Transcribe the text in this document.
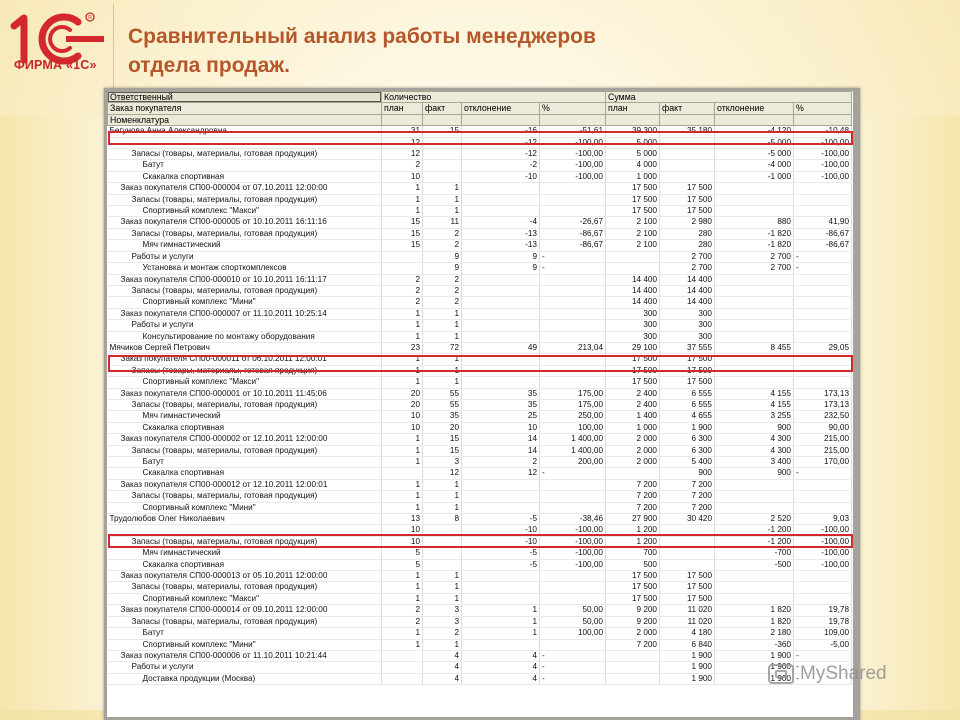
R
ФИРМА «1С»
Сравнительный анализ работы менеджеров
отдела продаж.
Ответственный	Количество				Сумма			
Заказ покупателя	план	факт	отклонение	%	план	факт	отклонение	%
Номенклатура								
Бегунова Анна Александровна	31	15	-16	-51,61	39 300	35 180	-4 120	-10,48
	12		-12	-100,00	5 000		-5 000	-100,00
Запасы (товары, материалы, готовая продукция)	12		-12	-100,00	5 000		-5 000	-100,00
Батут	2		-2	-100,00	4 000		-4 000	-100,00
Скакалка спортивная	10		-10	-100,00	1 000		-1 000	-100,00
Заказ покупателя СП00-000004 от 07.10.2011 12:00:00	1	1			17 500	17 500		
Запасы (товары, материалы, готовая продукция)	1	1			17 500	17 500		
Спортивный комплекс "Макси"	1	1			17 500	17 500		
Заказ покупателя СП00-000005 от 10.10.2011 16:11:16	15	11	-4	-26,67	2 100	2 980	880	41,90
Запасы (товары, материалы, готовая продукция)	15	2	-13	-86,67	2 100	280	-1 820	-86,67
Мяч гимнастический	15	2	-13	-86,67	2 100	280	-1 820	-86,67
Работы и услуги		9	9	-		2 700	2 700	-
Установка и монтаж спорткомплексов		9	9	-		2 700	2 700	-
Заказ покупателя СП00-000010 от 10.10.2011 16:11:17	2	2			14 400	14 400		
Запасы (товары, материалы, готовая продукция)	2	2			14 400	14 400		
Спортивный комплекс "Мини"	2	2			14 400	14 400		
Заказ покупателя СП00-000007 от 11.10.2011 10:25:14	1	1			300	300		
Работы и услуги	1	1			300	300		
Консультирование по монтажу оборудования	1	1			300	300		
Мячиков Сергей Петрович	23	72	49	213,04	29 100	37 555	8 455	29,05
Заказ покупателя СП00-000011 от 06.10.2011 12:00:01	1	1			17 500	17 500		
Запасы (товары, материалы, готовая продукция)	1	1			17 500	17 500		
Спортивный комплекс "Макси"	1	1			17 500	17 500		
Заказ покупателя СП00-000001 от 10.10.2011 11:45:06	20	55	35	175,00	2 400	6 555	4 155	173,13
Запасы (товары, материалы, готовая продукция)	20	55	35	175,00	2 400	6 555	4 155	173,13
Мяч гимнастический	10	35	25	250,00	1 400	4 655	3 255	232,50
Скакалка спортивная	10	20	10	100,00	1 000	1 900	900	90,00
Заказ покупателя СП00-000002 от 12.10.2011 12:00:00	1	15	14	1 400,00	2 000	6 300	4 300	215,00
Запасы (товары, материалы, готовая продукция)	1	15	14	1 400,00	2 000	6 300	4 300	215,00
Батут	1	3	2	200,00	2 000	5 400	3 400	170,00
Скакалка спортивная		12	12	-		900	900	-
Заказ покупателя СП00-000012 от 12.10.2011 12:00:01	1	1			7 200	7 200		
Запасы (товары, материалы, готовая продукция)	1	1			7 200	7 200		
Спортивный комплекс "Мини"	1	1			7 200	7 200		
Трудолюбов Олег Николаевич	13	8	-5	-38,46	27 900	30 420	2 520	9,03
	10		-10	-100,00	1 200		-1 200	-100,00
Запасы (товары, материалы, готовая продукция)	10		-10	-100,00	1 200		-1 200	-100,00
Мяч гимнастический	5		-5	-100,00	700		-700	-100,00
Скакалка спортивная	5		-5	-100,00	500		-500	-100,00
Заказ покупателя СП00-000013 от 05.10.2011 12:00:00	1	1			17 500	17 500		
Запасы (товары, материалы, готовая продукция)	1	1			17 500	17 500		
Спортивный комплекс "Макси"	1	1			17 500	17 500		
Заказ покупателя СП00-000014 от 09.10.2011 12:00:00	2	3	1	50,00	9 200	11 020	1 820	19,78
Запасы (товары, материалы, готовая продукция)	2	3	1	50,00	9 200	11 020	1 820	19,78
Батут	1	2	1	100,00	2 000	4 180	2 180	109,00
Спортивный комплекс "Мини"	1	1			7 200	6 840	-360	-5,00
Заказ покупателя СП00-000006 от 11.10.2011 10:21:44		4	4	-		1 900	1 900	-
Работы и услуги		4	4	-		1 900	1 900	-
Доставка продукции (Москва)		4	4	-		1 900	1 900	- MyShared
